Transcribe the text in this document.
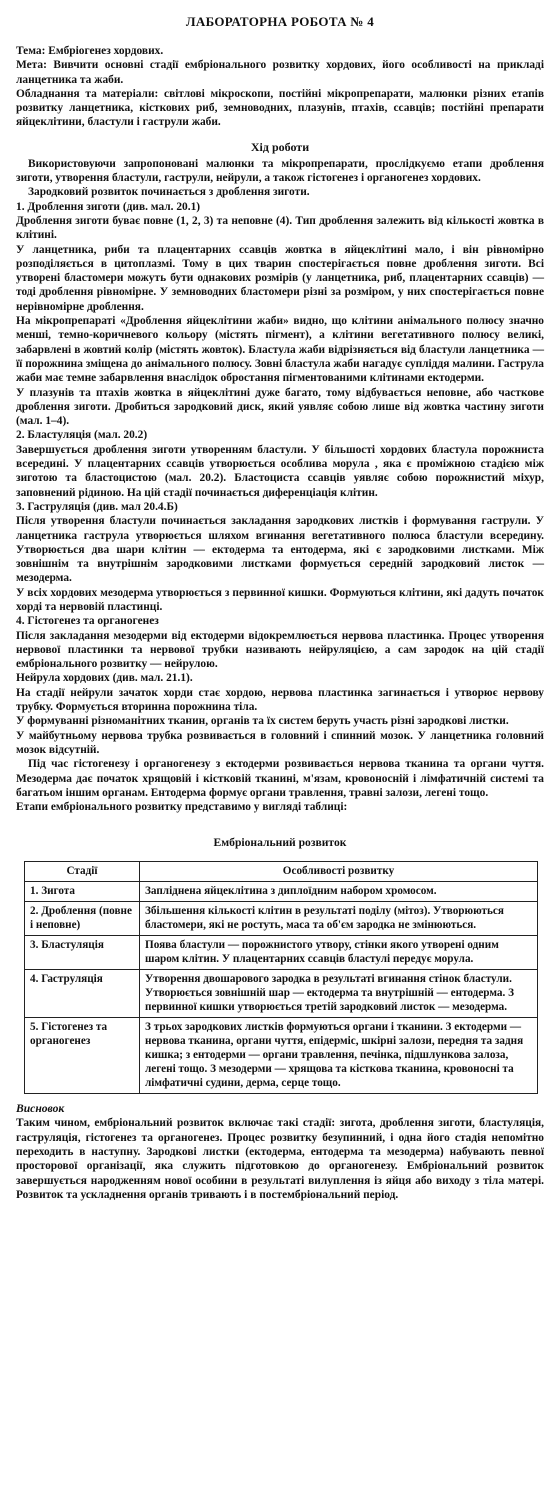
ЛАБОРАТОРНА РОБОТА № 4

Тема: Ембріогенез хордових.

Мета: Вивчити основні стадії ембріонального розвитку хордових, його особливості на прикладі ланцетника та жаби.

Обладнання та матеріали: світлові мікроскопи, постійні мікропрепарати, малюнки різних етапів розвитку ланцетника, кісткових риб, земноводних, плазунів, птахів, ссавців; постійні препарати яйцеклітини, бластули і гаструли жаби.

Хід роботи

Використовуючи запропоновані малюнки та мікропрепарати, прослідкуємо етапи дроблення зиготи, утворення бластули, гаструли, нейрули, а також гістогенез і органогенез хордових.

Зародковий розвиток починається з дроблення зиготи.

1. Дроблення зиготи (див. мал. 20.1)

Дроблення зиготи буває повне (1, 2, 3) та неповне (4). Тип дроблення залежить від кількості жовтка в клітині.

У ланцетника, риби та плацентарних ссавців жовтка в яйцеклітині мало, і він рівномірно розподіляється в цитоплазмі. Тому в цих тварин спостерігається повне дроблення зиготи. Всі утворені бластомери можуть бути однакових розмірів (у ланцетника, риб, плацентарних ссавців) — тоді дроблення рівномірне. У земноводних бластомери різні за розміром, у них спостерігається повне нерівномірне дроблення.

На мікропрепараті «Дроблення яйцеклітини жаби» видно, що клітини анімального полюсу значно менші, темно-коричневого кольору (містять пігмент), а клітини вегетативного полюсу великі, забарвлені в жовтий колір (містять жовток). Бластула жаби відрізняється від бластули ланцетника — її порожнина зміщена до анімального полюсу. Зовні бластула жаби нагадує супліддя малини. Гаструла жаби має темне забарвлення внаслідок обростання пігментованими клітинами ектодерми.

У плазунів та птахів жовтка в яйцеклітині дуже багато, тому відбувається неповне, або часткове дроблення зиготи. Дробиться зародковий диск, який уявляє собою лише від жовтка частину зиготи (мал. 1–4).

2. Бластуляція (мал. 20.2)

Завершується дроблення зиготи утворенням бластули. У більшості хордових бластула порожниста всередині. У плацентарних ссавців утворюється особлива морула , яка є проміжною стадією між зиготою та бластоцистою (мал. 20.2). Бластоциста ссавців уявляє собою порожнистий міхур, заповнений рідиною. На цій стадії починається диференціація клітин.

3. Гаструляція (див. мал 20.4.Б)

Після утворення бластули починається закладання зародкових листків і формування гаструли. У ланцетника гаструла утворюється шляхом вгинання вегетативного полюса бластули всередину. Утворюється два шари клітин — ектодерма та ентодерма, які є зародковими листками. Між зовнішнім та внутрішнім зародковими листками формується середній зародковий листок — мезодерма.

У всіх хордових мезодерма утворюється з первинної кишки. Формуються клітини, які дадуть початок хорді та нервовій пластинці.

4. Гістогенез та органогенез

Після закладання мезодерми від ектодерми відокремлюється нервова пластинка. Процес утворення нервової пластинки та нервової трубки називають нейруляцією, а сам зародок на цій стадії ембріонального розвитку — нейрулою.

Нейрула хордових (див. мал. 21.1).

На стадії нейрули зачаток хорди стає хордою, нервова пластинка загинається і утворює нервову трубку. Формується вторинна порожнина тіла.

У формуванні різноманітних тканин, органів та їх систем беруть участь різні зародкові листки.

У майбутньому нервова трубка розвивається в головний і спинний мозок. У ланцетника головний мозок відсутній.

Під час гістогенезу і органогенезу з ектодерми розвивається нервова тканина та органи чуття. Мезодерма дає початок хрящовій і кістковій тканині, м'язам, кровоносній і лімфатичній системі та багатьом іншим органам. Ентодерма формує органи травлення, травні залози, легені тощо.

Етапи ембріонального розвитку представимо у вигляді таблиці:

Ембріональний розвиток
Стадії	Особливості розвитку
1. Зигота	Запліднена яйцеклітина з диплоїдним набором хромосом.
2. Дроблення (повне і неповне)	Збільшення кількості клітин в результаті поділу (мітоз). Утворюються бластомери, які не ростуть, маса та об'єм зародка не змінюються.
3. Бластуляція	Поява бластули — порожнистого утвору, стінки якого утворені одним шаром клітин. У плацентарних ссавців бластулі передує морула.
4. Гаструляція	Утворення двошарового зародка в результаті вгинання стінок бластули. Утворюється зовнішній шар — ектодерма та внутрішній — ентодерма. З первинної кишки утворюється третій зародковий листок — мезодерма.
5. Гістогенез та органогенез	З трьох зародкових листків формуються органи і тканини. З ектодерми — нервова тканина, органи чуття, епідерміс, шкірні залози, передня та задня кишка; з ентодерми — органи травлення, печінка, підшлункова залоза, легені тощо. З мезодерми — хрящова та кісткова тканина, кровоносні та лімфатичні судини, дерма, серце тощо.
Висновок

Таким чином, ембріональний розвиток включає такі стадії: зигота, дроблення зиготи, бластуляція, гаструляція, гістогенез та органогенез. Процес розвитку безупинний, і одна його стадія непомітно переходить в наступну. Зародкові листки (ектодерма, ентодерма та мезодерма) набувають певної просторової організації, яка служить підготовкою до органогенезу. Ембріональний розвиток завершується народженням нової особини в результаті вилуплення із яйця або виходу з тіла матері. Розвиток та ускладнення органів тривають і в постембріональний період.
